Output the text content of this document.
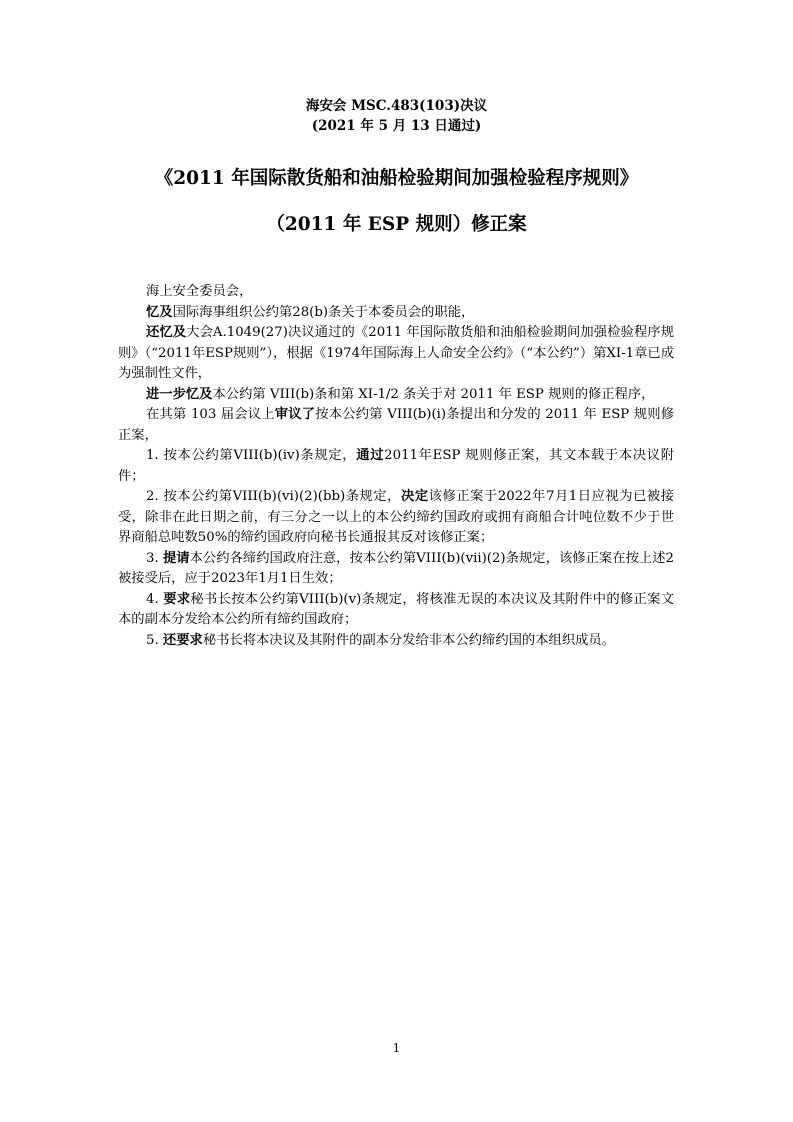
海安会 MSC.483(103)决议

(2021 年 5 月 13 日通过)

《2011 年国际散货船和油船检验期间加强检验程序规则》

（2011 年 ESP 规则）修正案

海上安全委员会，

忆及国际海事组织公约第28(b)条关于本委员会的职能，

还忆及大会A.1049(27)决议通过的《2011 年国际散货船和油船检验期间加强检验程序规则》（“2011年ESP规则”），根据《1974年国际海上人命安全公约》（“本公约”）第XI-1章已成为强制性文件，

进一步忆及本公约第 VIII(b)条和第 XI-1/2 条关于对 2011 年 ESP 规则的修正程序，

在其第 103 届会议上审议了按本公约第 VIII(b)(i)条提出和分发的 2011 年 ESP 规则修正案，

1. 按本公约第VIII(b)(iv)条规定，通过2011年ESP 规则修正案，其文本载于本决议附件；

2. 按本公约第VIII(b)(vi)(2)(bb)条规定，决定该修正案于2022年7月1日应视为已被接受，除非在此日期之前，有三分之一以上的本公约缔约国政府或拥有商船合计吨位数不少于世界商船总吨数50%的缔约国政府向秘书长通报其反对该修正案；

3. 提请本公约各缔约国政府注意，按本公约第VIII(b)(vii)(2)条规定，该修正案在按上述2被接受后，应于2023年1月1日生效；

4. 要求秘书长按本公约第VIII(b)(v)条规定，将核准无误的本决议及其附件中的修正案文本的副本分发给本公约所有缔约国政府；

5. 还要求秘书长将本决议及其附件的副本分发给非本公约缔约国的本组织成员。

1
